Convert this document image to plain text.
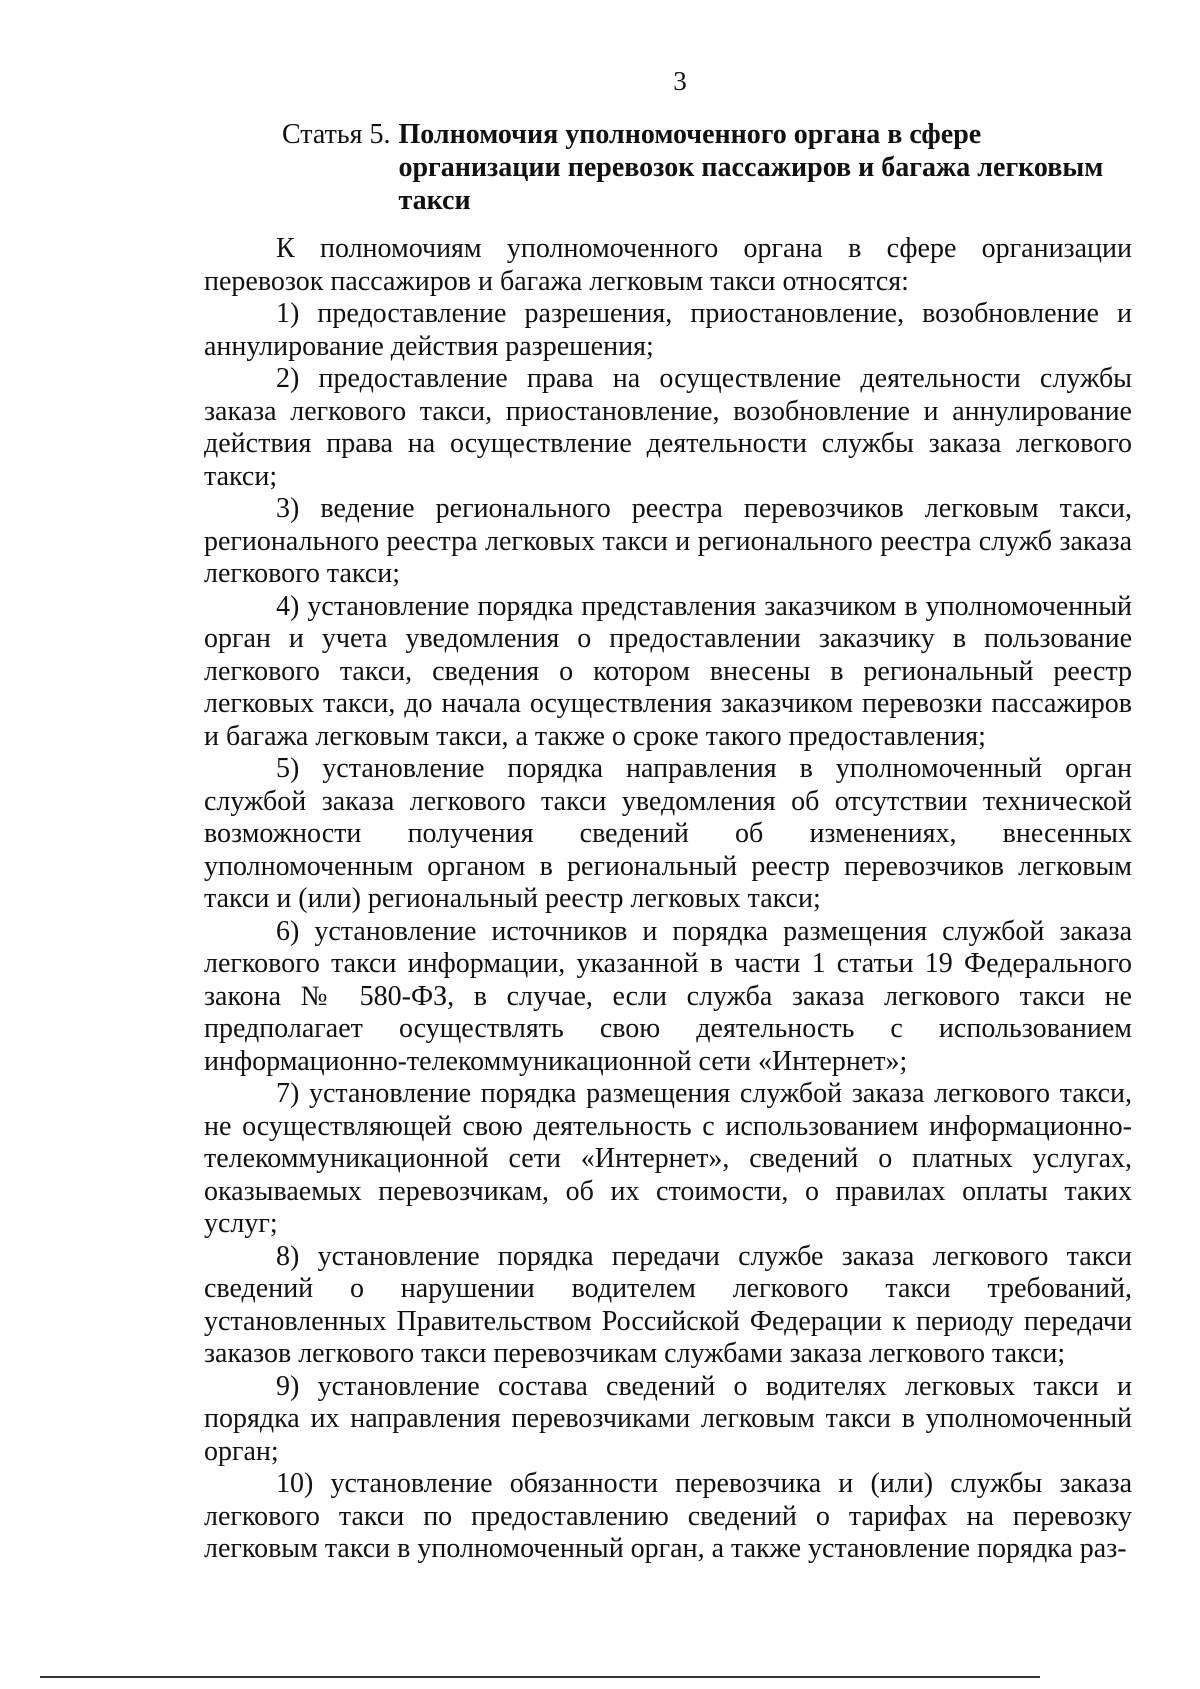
3
Статья 5. Полномочия уполномоченного органа в сфере организации перевозок пассажиров и багажа легковым такси

К полномочиям уполномоченного органа в сфере организации перевозок пассажиров и багажа легковым такси относятся:

1) предоставление разрешения, приостановление, возобновление и аннулирование действия разрешения;

2) предоставление права на осуществление деятельности службы заказа легкового такси, приостановление, возобновление и аннулирование действия права на осуществление деятельности службы заказа легкового такси;

3) ведение регионального реестра перевозчиков легковым такси, регионального реестра легковых такси и регионального реестра служб заказа легкового такси;

4) установление порядка представления заказчиком в уполномоченный орган и учета уведомления о предоставлении заказчику в пользование легкового такси, сведения о котором внесены в региональный реестр легковых такси, до начала осуществления заказчиком перевозки пассажиров и багажа легковым такси, а также о сроке такого предоставления;

5) установление порядка направления в уполномоченный орган службой заказа легкового такси уведомления об отсутствии технической возможности получения сведений об изменениях, внесенных уполномоченным органом в региональный реестр перевозчиков легковым такси и (или) региональный реестр легковых такси;

6) установление источников и порядка размещения службой заказа легкового такси информации, указанной в части 1 статьи 19 Федерального закона № 580-ФЗ, в случае, если служба заказа легкового такси не предполагает осуществлять свою деятельность с использованием информационно-телекоммуникационной сети «Интернет»;

7) установление порядка размещения службой заказа легкового такси, не осуществляющей свою деятельность с использованием информационно-телекоммуникационной сети «Интернет», сведений о платных услугах, оказываемых перевозчикам, об их стоимости, о правилах оплаты таких услуг;

8) установление порядка передачи службе заказа легкового такси сведений о нарушении водителем легкового такси требований, установленных Правительством Российской Федерации к периоду передачи заказов легкового такси перевозчикам службами заказа легкового такси;

9) установление состава сведений о водителях легковых такси и порядка их направления перевозчиками легковым такси в уполномоченный орган;

10) установление обязанности перевозчика и (или) службы заказа легкового такси по предоставлению сведений о тарифах на перевозку легковым такси в уполномоченный орган, а также установление порядка раз-
